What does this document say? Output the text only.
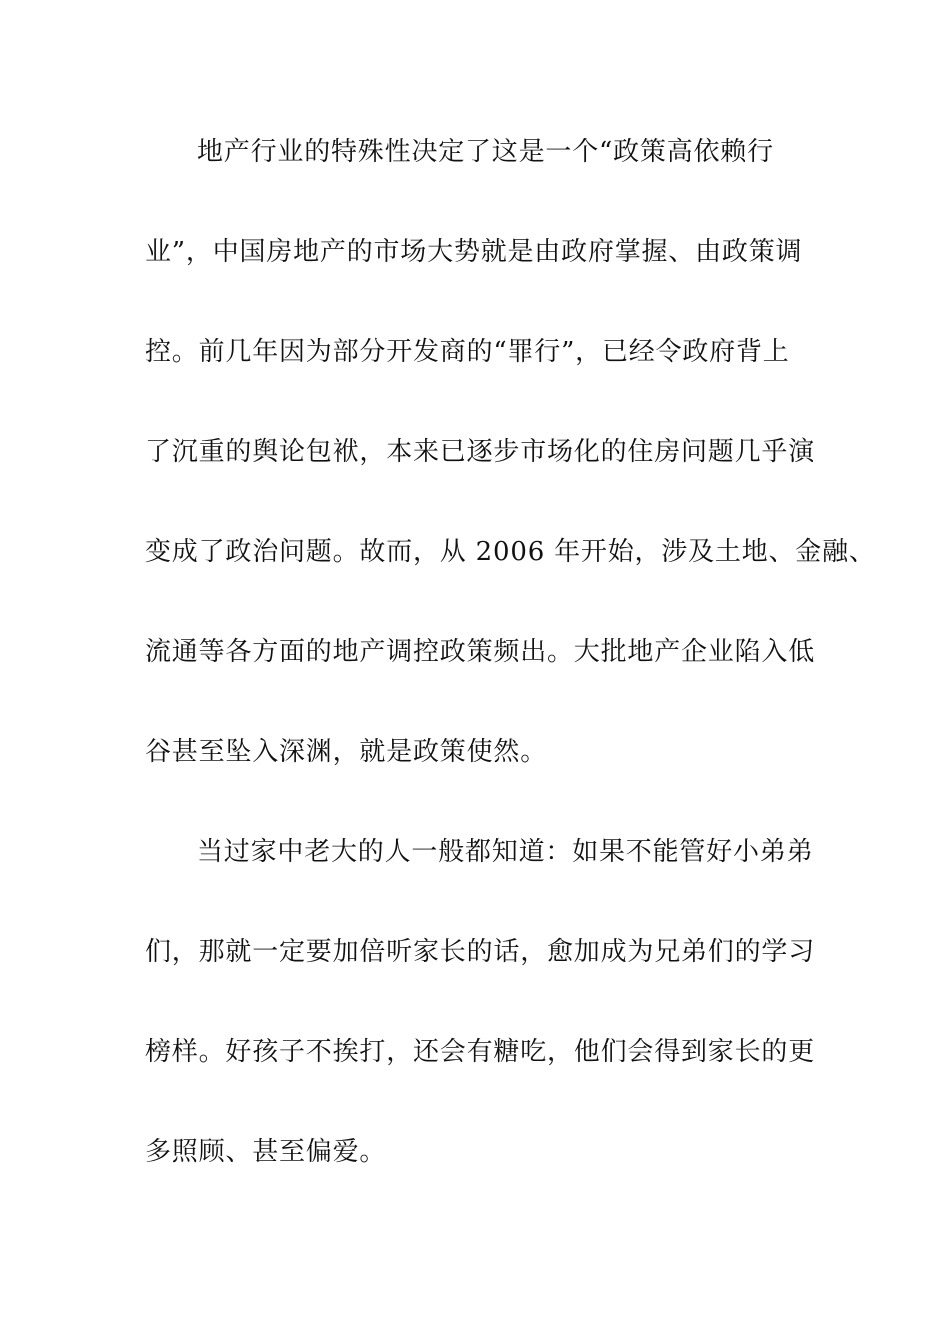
地产行业的特殊性决定了这是一个“政策高依赖行
业”，中国房地产的市场大势就是由政府掌握、由政策调
控。前几年因为部分开发商的“罪行”，已经令政府背上
了沉重的舆论包袱，本来已逐步市场化的住房问题几乎演
变成了政治问题。故而，从 2006 年开始，涉及土地、金融、
流通等各方面的地产调控政策频出。大批地产企业陷入低
谷甚至坠入深渊，就是政策使然。
当过家中老大的人一般都知道：如果不能管好小弟弟
们，那就一定要加倍听家长的话，愈加成为兄弟们的学习
榜样。好孩子不挨打，还会有糖吃，他们会得到家长的更
多照顾、甚至偏爱。
